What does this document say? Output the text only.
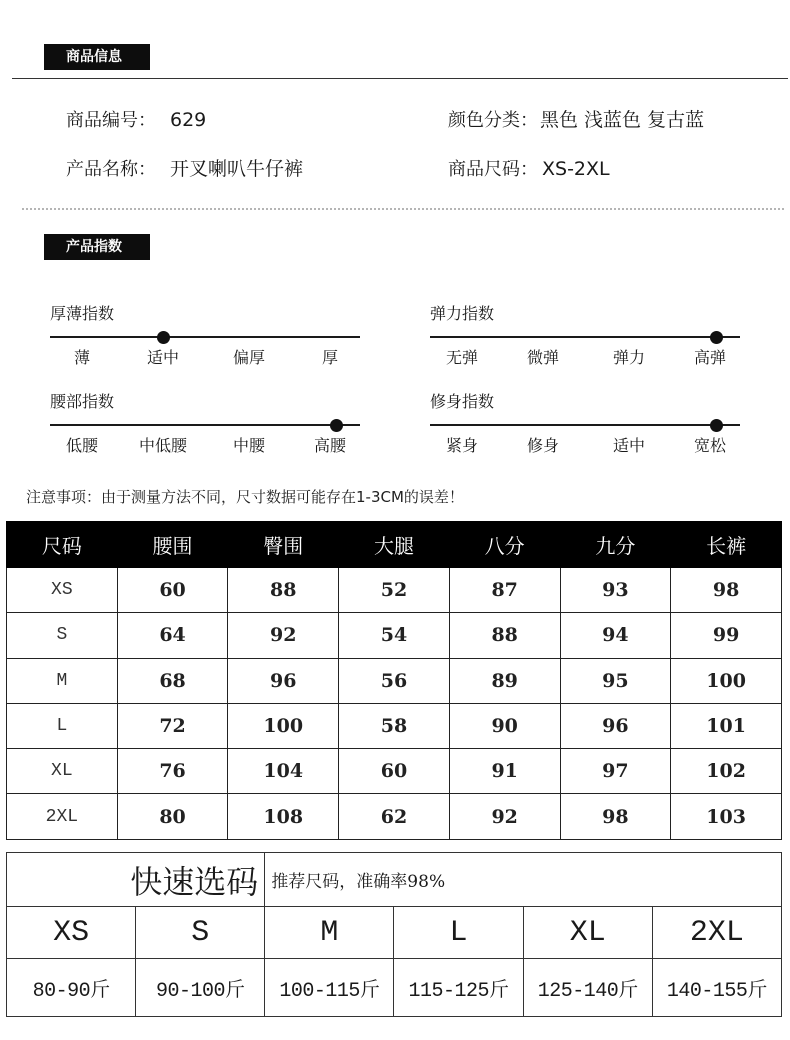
商品信息
商品编号： 629	颜色分类： 黑色 浅蓝色 复古蓝
产品名称： 开叉喇叭牛仔裤	商品尺码： XS-2XL
产品指数
厚薄指数
薄	适中	偏厚	厚
弹力指数
无弹	微弹	弹力	高弹
腰部指数
低腰	中低腰	中腰	高腰
修身指数
紧身	修身	适中	宽松
注意事项：由于测量方法不同，尺寸数据可能存在1-3CM的误差！
尺码	腰围	臀围	大腿	八分	九分	长裤
XS	60	88	52	87	93	98
S	64	92	54	88	94	99
M	68	96	56	89	95	100
L	72	100	58	90	96	101
XL	76	104	60	91	97	102
2XL	80	108	62	92	98	103
快速选码		推荐尺码，准确率98%			
XS	S	M	L	XL	2XL
80-90斤	90-100斤	100-115斤	115-125斤	125-140斤	140-155斤
